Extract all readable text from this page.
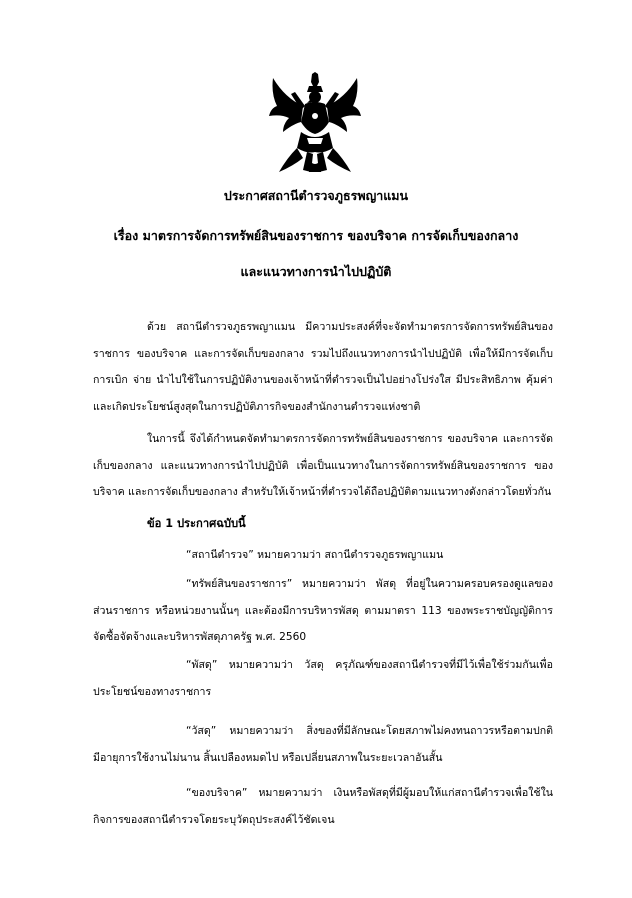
ประกาศสถานีตำรวจภูธรพญาแมน
เรื่อง มาตรการจัดการทรัพย์สินของราชการ ของบริจาค การจัดเก็บของกลาง
และแนวทางการนำไปปฏิบัติ
ด้วย สถานีตำรวจภูธรพญาแมน มีความประสงค์ที่จะจัดทำมาตรการจัดการทรัพย์สินของราชการ ของบริจาค และการจัดเก็บของกลาง รวมไปถึงแนวทางการนำไปปฏิบัติ เพื่อให้มีการจัดเก็บ การเบิก จ่าย นำไปใช้ในการปฏิบัติงานของเจ้าหน้าที่ตำรวจเป็นไปอย่างโปร่งใส มีประสิทธิภาพ คุ้มค่า และเกิดประโยชน์สูงสุดในการปฏิบัติภารกิจของสำนักงานตำรวจแห่งชาติ
ในการนี้ จึงได้กำหนดจัดทำมาตรการจัดการทรัพย์สินของราชการ ของบริจาค และการจัดเก็บของกลาง และแนวทางการนำไปปฏิบัติ เพื่อเป็นแนวทางในการจัดการทรัพย์สินของราชการ ของบริจาค และการจัดเก็บของกลาง สำหรับให้เจ้าหน้าที่ตำรวจได้ถือปฏิบัติตามแนวทางดังกล่าวโดยทั่วกัน
ข้อ 1 ประกาศฉบับนี้
“สถานีตำรวจ” หมายความว่า สถานีตำรวจภูธรพญาแมน
“ทรัพย์สินของราชการ” หมายความว่า พัสดุ ที่อยู่ในความครอบครองดูแลของส่วนราชการ หรือหน่วยงานนั้นๆ และต้องมีการบริหารพัสดุ ตามมาตรา 113 ของพระราชบัญญัติการจัดซื้อจัดจ้างและบริหารพัสดุภาครัฐ พ.ศ. 2560
“พัสดุ” หมายความว่า วัสดุ ครุภัณฑ์ของสถานีตำรวจที่มีไว้เพื่อใช้ร่วมกันเพื่อประโยชน์ของทางราชการ
“วัสดุ” หมายความว่า สิ่งของที่มีลักษณะโดยสภาพไม่คงทนถาวรหรือตามปกติมีอายุการใช้งานไม่นาน สิ้นเปลืองหมดไป หรือเปลี่ยนสภาพในระยะเวลาอันสั้น
“ของบริจาค” หมายความว่า เงินหรือพัสดุที่มีผู้มอบให้แก่สถานีตำรวจเพื่อใช้ในกิจการของสถานีตำรวจโดยระบุวัตถุประสงค์ไว้ชัดเจน
